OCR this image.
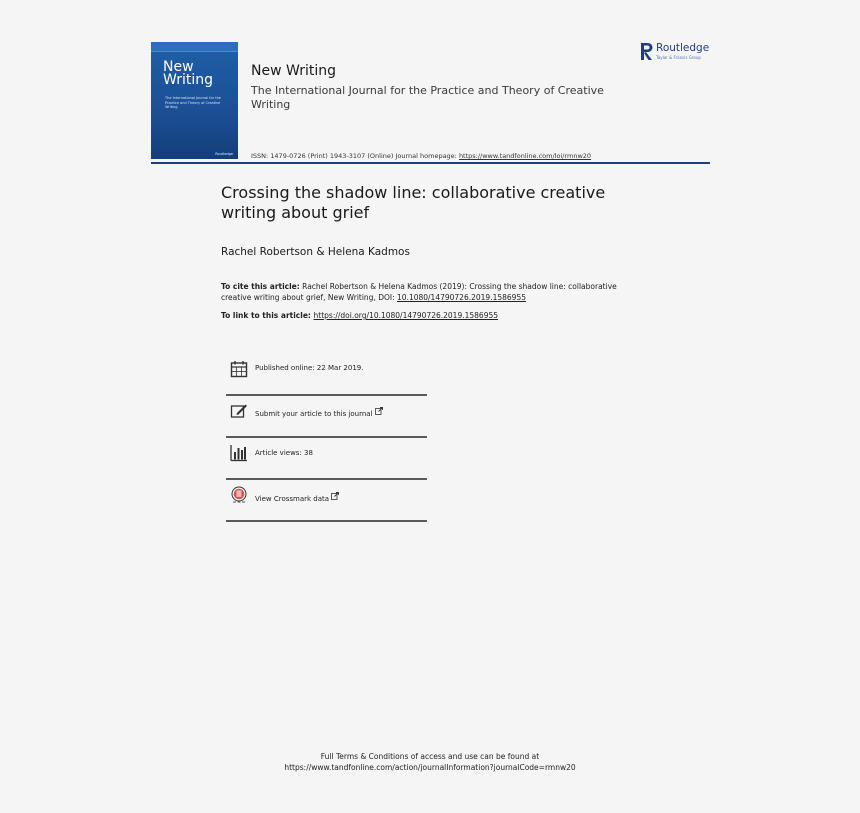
New
Writing
The International Journal for the Practice and Theory of Creative Writing
Routledge
New Writing

The International Journal for the Practice and Theory of Creative Writing

Routledge
Taylor & Francis Group
ISSN: 1479-0726 (Print) 1943-3107 (Online) Journal homepage: https://www.tandfonline.com/loi/rmnw20
Crossing the shadow line: collaborative creative writing about grief
Rachel Robertson & Helena Kadmos
To cite this article: Rachel Robertson & Helena Kadmos (2019): Crossing the shadow line: collaborative creative writing about grief, New Writing, DOI: 10.1080/14790726.2019.1586955
To link to this article: https://doi.org/10.1080/14790726.2019.1586955
Published online: 22 Mar 2019.
Submit your article to this journal
Article views: 38
View Crossmark data
Full Terms & Conditions of access and use can be found at
https://www.tandfonline.com/action/journalInformation?journalCode=rmnw20
